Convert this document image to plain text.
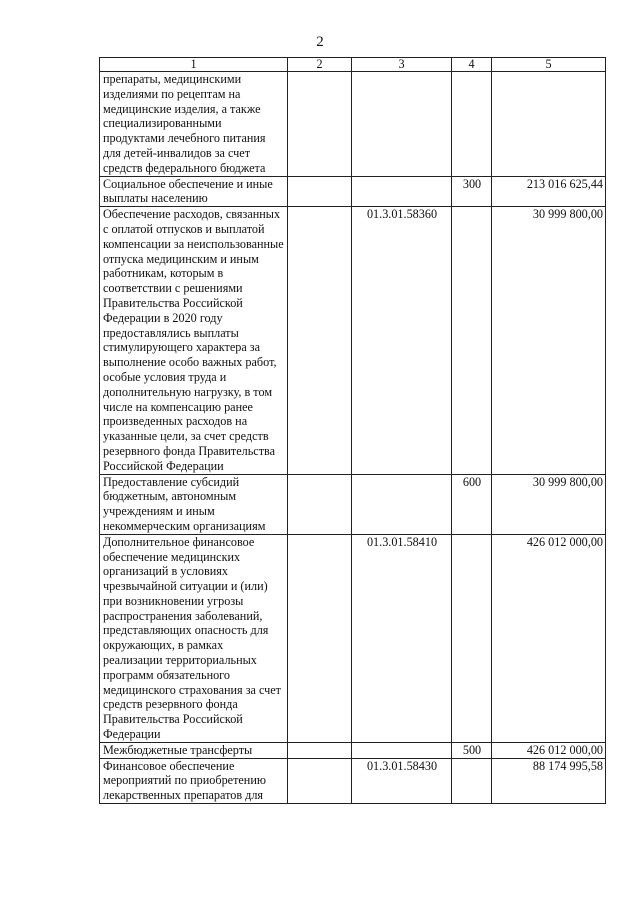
2
1	2	3	4	5
препараты, медицинскими изделиями по рецептам на медицинские изделия, а также специализированными продуктами лечебного питания для детей-инвалидов за счет средств федерального бюджета				
Социальное обеспечение и иные выплаты населению			300	213 016 625,44
Обеспечение расходов, связанных с оплатой отпусков и выплатой компенсации за неиспользованные отпуска медицинским и иным работникам, которым в соответствии с решениями Правительства Российской Федерации в 2020 году предоставлялись выплаты стимулирующего характера за выполнение особо важных работ, особые условия труда и дополнительную нагрузку, в том числе на компенсацию ранее произведенных расходов на указанные цели, за счет средств резервного фонда Правительства Российской Федерации		01.3.01.58360		30 999 800,00
Предоставление субсидий бюджетным, автономным учреждениям и иным некоммерческим организациям			600	30 999 800,00
Дополнительное финансовое обеспечение медицинских организаций в условиях чрезвычайной ситуации и (или) при возникновении угрозы распространения заболеваний, представляющих опасность для окружающих, в рамках реализации территориальных программ обязательного медицинского страхования за счет средств резервного фонда Правительства Российской Федерации		01.3.01.58410		426 012 000,00
Межбюджетные трансферты			500	426 012 000,00
Финансовое обеспечение мероприятий по приобретению лекарственных препаратов для		01.3.01.58430		88 174 995,58
